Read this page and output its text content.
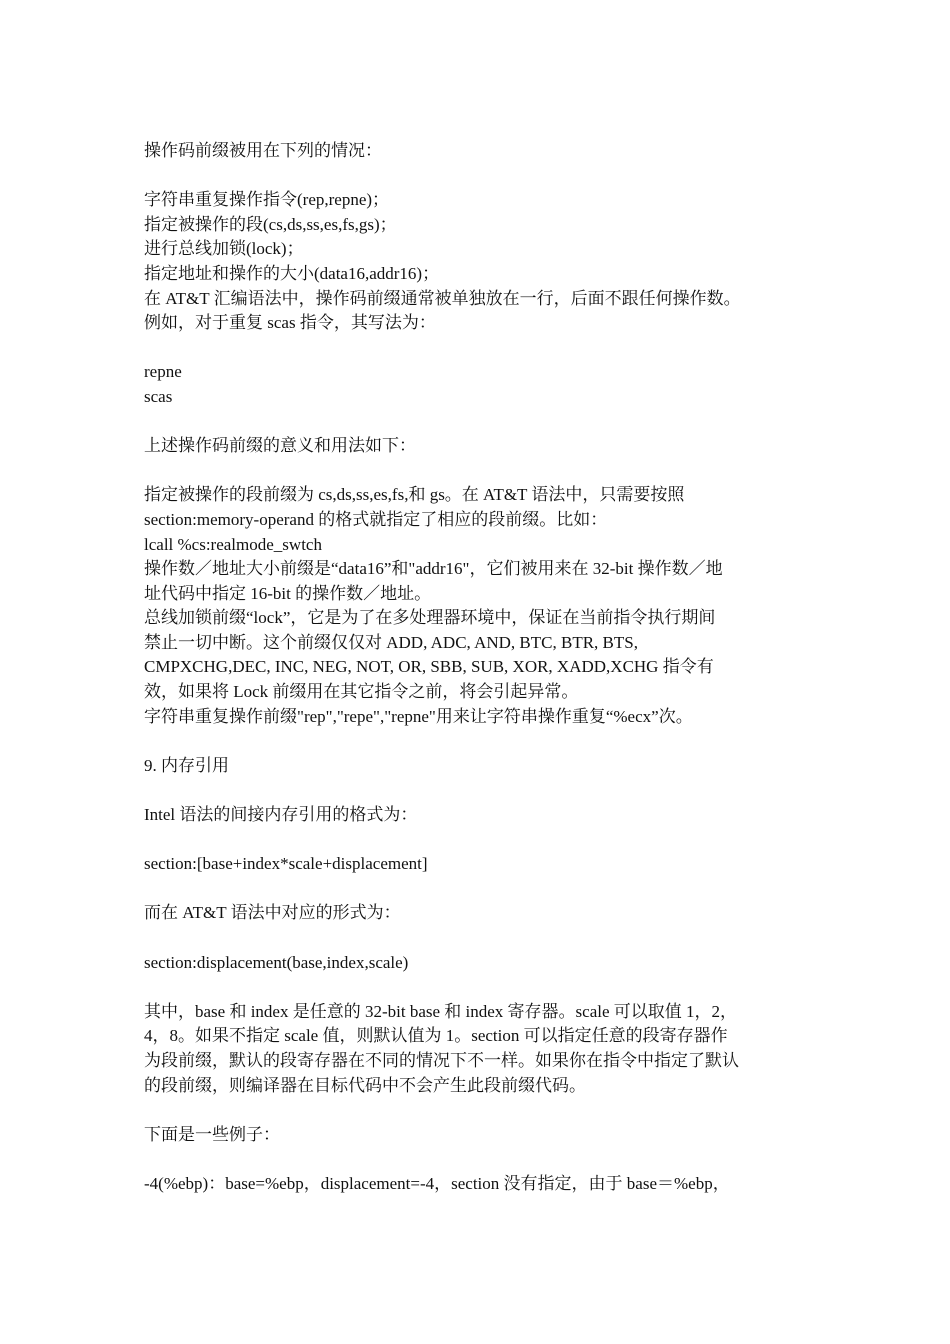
操作码前缀被用在下列的情况：
字符串重复操作指令(rep,repne)；
指定被操作的段(cs,ds,ss,es,fs,gs)；
进行总线加锁(lock)；
指定地址和操作的大小(data16,addr16)；
在 AT&T 汇编语法中，操作码前缀通常被单独放在一行，后面不跟任何操作数。
例如，对于重复 scas 指令，其写法为：
repne
scas
上述操作码前缀的意义和用法如下：
指定被操作的段前缀为 cs,ds,ss,es,fs,和 gs。在 AT&T 语法中，只需要按照
section:memory-operand 的格式就指定了相应的段前缀。比如：
lcall %cs:realmode_swtch
操作数／地址大小前缀是“data16”和"addr16"，它们被用来在 32-bit 操作数／地
址代码中指定 16-bit 的操作数／地址。
总线加锁前缀“lock”，它是为了在多处理器环境中，保证在当前指令执行期间
禁止一切中断。这个前缀仅仅对 ADD, ADC, AND, BTC, BTR, BTS,
CMPXCHG,DEC, INC, NEG, NOT, OR, SBB, SUB, XOR, XADD,XCHG 指令有
效，如果将 Lock 前缀用在其它指令之前，将会引起异常。
字符串重复操作前缀"rep","repe","repne"用来让字符串操作重复“%ecx”次。
9. 内存引用
Intel 语法的间接内存引用的格式为：
section:[base+index*scale+displacement]
而在 AT&T 语法中对应的形式为：
section:displacement(base,index,scale)
其中，base 和 index 是任意的 32-bit base 和 index 寄存器。scale 可以取值 1，2，
4，8。如果不指定 scale 值，则默认值为 1。section 可以指定任意的段寄存器作
为段前缀，默认的段寄存器在不同的情况下不一样。如果你在指令中指定了默认
的段前缀，则编译器在目标代码中不会产生此段前缀代码。
下面是一些例子：
-4(%ebp)：base=%ebp，displacement=-4，section 没有指定，由于 base＝%ebp，
